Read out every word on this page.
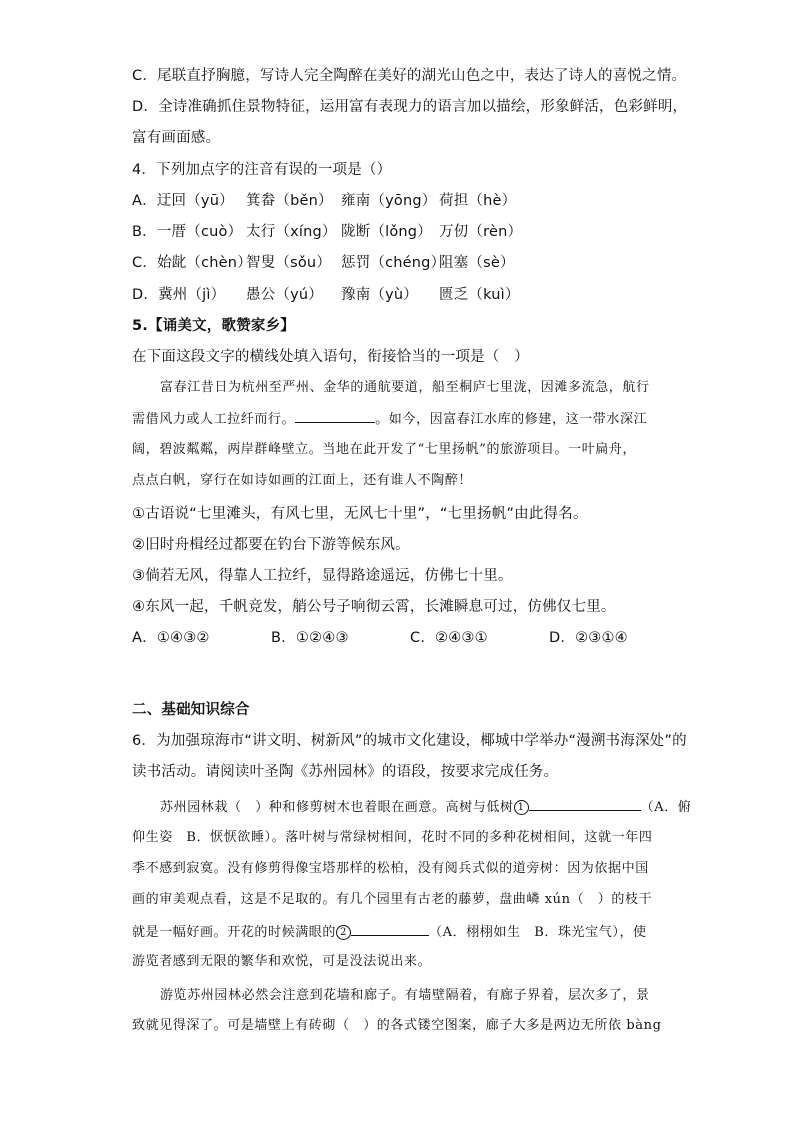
C．尾联直抒胸臆，写诗人完全陶醉在美好的湖光山色之中，表达了诗人的喜悦之情。
D．全诗准确抓住景物特征，运用富有表现力的语言加以描绘，形象鲜活，色彩鲜明，
富有画面感。
4．下列加点字的注音有误的一项是（）
A．迂回（yū） 箕畚（běn） 雍南（yōng） 荷担（hè）
B．一厝（cuò） 太行（xíng） 陇断（lǒng） 万仞（rèn）
C．始龀（chèn）智叟（sǒu） 惩罚（chéng）阻塞（sè）
D．冀州（jì） 愚公（yú） 豫南（yù） 匮乏（kuì）
5.【诵美文，歌赞家乡】
在下面这段文字的横线处填入语句，衔接恰当的一项是（　）
富春江昔日为杭州至严州、金华的通航要道，船至桐庐七里泷，因滩多流急，航行
需借风力或人工拉纤而行。	。如今，因富春江水库的修建，这一带水深江
阔，碧波粼粼，两岸群峰壁立。当地在此开发了“七里扬帆”的旅游项目。一叶扁舟，
点点白帆，穿行在如诗如画的江面上，还有谁人不陶醉！
①古语说“七里滩头，有风七里，无风七十里”，“七里扬帆”由此得名。
②旧时舟楫经过都要在钓台下游等候东风。
③倘若无风，得靠人工拉纤，显得路途遥远，仿佛七十里。
④东风一起，千帆竞发，艄公号子响彻云霄，长滩瞬息可过，仿佛仅七里。
A．①④③②	B．①②④③	C．②④③①	D．②③①④
二、基础知识综合
6．为加强琼海市“讲文明、树新风”的城市文化建设，椰城中学举办“漫溯书海深处”的
读书活动。请阅读叶圣陶《苏州园林》的语段，按要求完成任务。
苏州园林栽（　）种和修剪树木也着眼在画意。高树与低树 1	（A．俯
仰生姿　B．恹恹欲睡）。落叶树与常绿树相间，花时不同的多种花树相间，这就一年四
季不感到寂寞。没有修剪得像宝塔那样的松柏，没有阅兵式似的道旁树：因为依据中国
画的审美观点看，这是不足取的。有几个园里有古老的藤萝，盘曲嶙 xún（　）的枝干
就是一幅好画。开花的时候满眼的 2	（A．栩栩如生　B．珠光宝气），使
游览者感到无限的繁华和欢悦，可是没法说出来。
游览苏州园林必然会注意到花墙和廊子。有墙壁隔着，有廊子界着，层次多了，景
致就见得深了。可是墙壁上有砖砌（　）的各式镂空图案，廊子大多是两边无所依 bàng
